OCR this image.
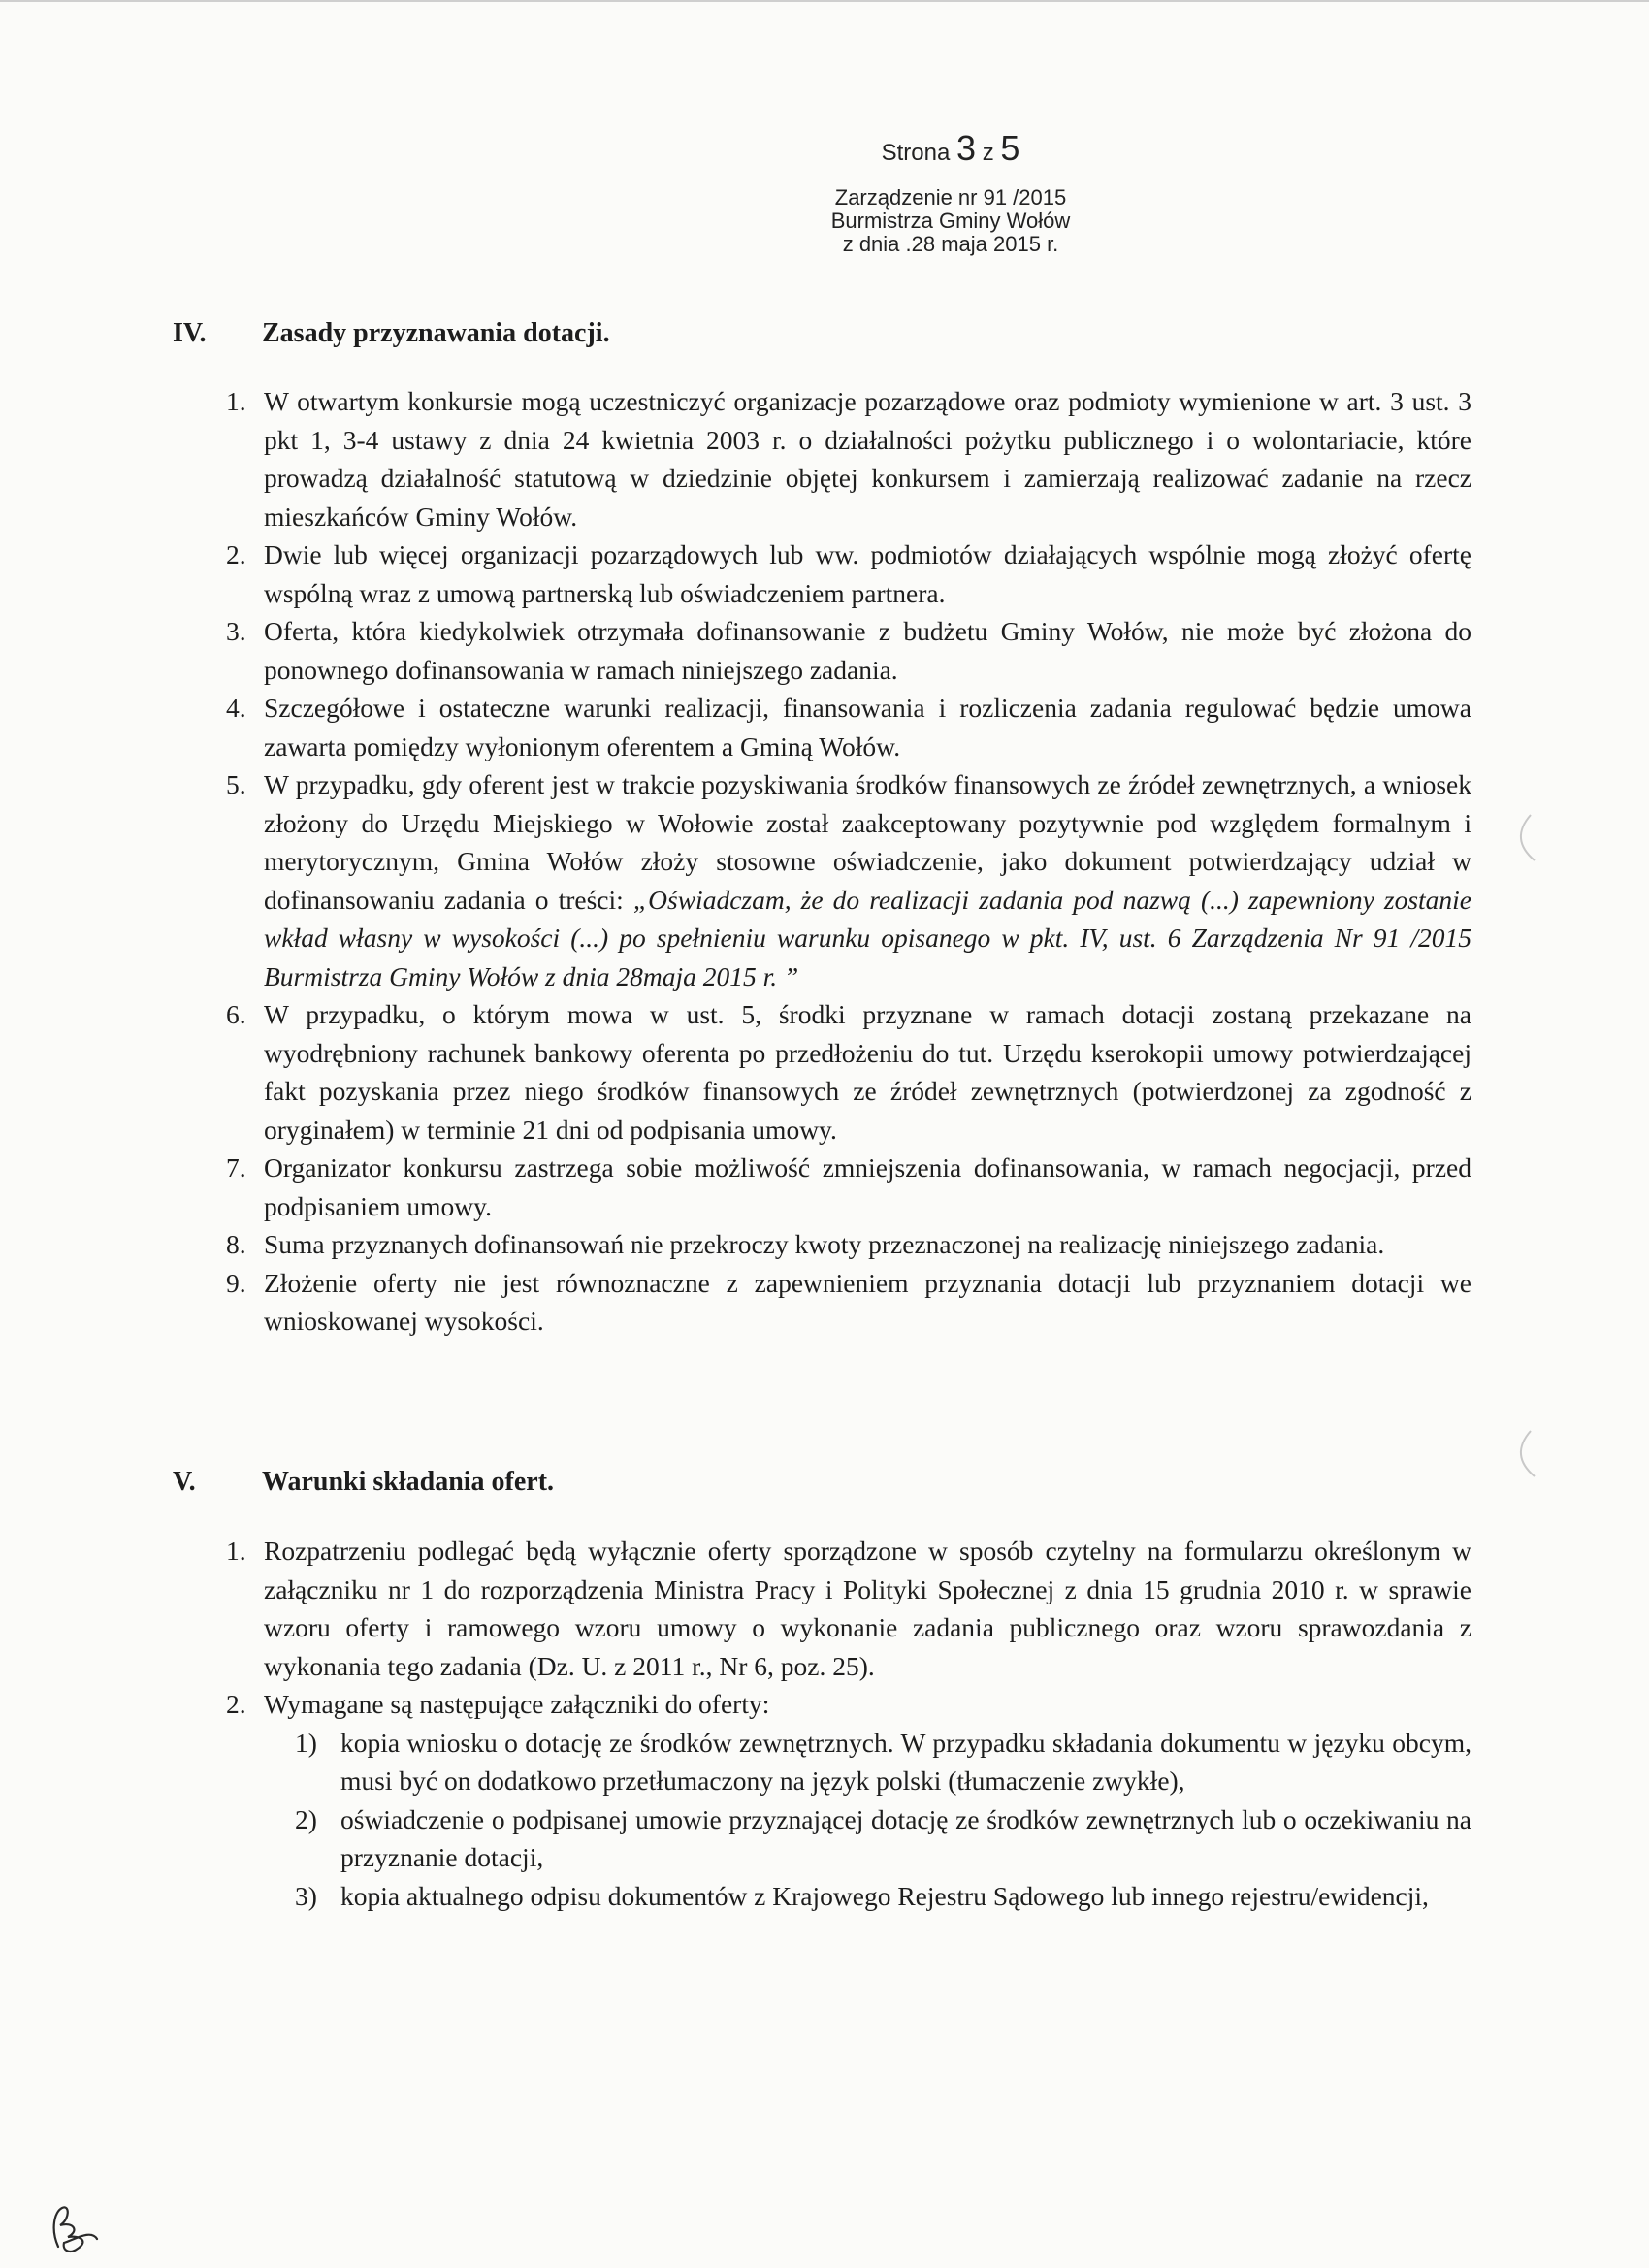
Strona 3 z 5
Zarządzenie nr 91 /2015
Burmistrza Gminy Wołów
z dnia .28 maja 2015 r.
IV. Zasady przyznawania dotacji.

1. W otwartym konkursie mogą uczestniczyć organizacje pozarządowe oraz podmioty wymienione w art. 3 ust. 3 pkt 1, 3-4 ustawy z dnia 24 kwietnia 2003 r. o działalności pożytku publicznego i o wolontariacie, które prowadzą działalność statutową w dziedzinie objętej konkursem i zamierzają realizować zadanie na rzecz mieszkańców Gminy Wołów.

2. Dwie lub więcej organizacji pozarządowych lub ww. podmiotów działających wspólnie mogą złożyć ofertę wspólną wraz z umową partnerską lub oświadczeniem partnera.

3. Oferta, która kiedykolwiek otrzymała dofinansowanie z budżetu Gminy Wołów, nie może być złożona do ponownego dofinansowania w ramach niniejszego zadania.

4. Szczegółowe i ostateczne warunki realizacji, finansowania i rozliczenia zadania regulować będzie umowa zawarta pomiędzy wyłonionym oferentem a Gminą Wołów.

5. W przypadku, gdy oferent jest w trakcie pozyskiwania środków finansowych ze źródeł zewnętrznych, a wniosek złożony do Urzędu Miejskiego w Wołowie został zaakceptowany pozytywnie pod względem formalnym i merytorycznym, Gmina Wołów złoży stosowne oświadczenie, jako dokument potwierdzający udział w dofinansowaniu zadania o treści: „Oświadczam, że do realizacji zadania pod nazwą (...) zapewniony zostanie wkład własny w wysokości (...) po spełnieniu warunku opisanego w pkt. IV, ust. 6 Zarządzenia Nr 91 /2015 Burmistrza Gminy Wołów z dnia 28maja 2015 r. ”

6. W przypadku, o którym mowa w ust. 5, środki przyznane w ramach dotacji zostaną przekazane na wyodrębniony rachunek bankowy oferenta po przedłożeniu do tut. Urzędu kserokopii umowy potwierdzającej fakt pozyskania przez niego środków finansowych ze źródeł zewnętrznych (potwierdzonej za zgodność z oryginałem) w terminie 21 dni od podpisania umowy.

7. Organizator konkursu zastrzega sobie możliwość zmniejszenia dofinansowania, w ramach negocjacji, przed podpisaniem umowy.

8. Suma przyznanych dofinansowań nie przekroczy kwoty przeznaczonej na realizację niniejszego zadania.

9. Złożenie oferty nie jest równoznaczne z zapewnieniem przyznania dotacji lub przyznaniem dotacji we wnioskowanej wysokości.

V. Warunki składania ofert.

1. Rozpatrzeniu podlegać będą wyłącznie oferty sporządzone w sposób czytelny na formularzu określonym w załączniku nr 1 do rozporządzenia Ministra Pracy i Polityki Społecznej z dnia 15 grudnia 2010 r. w sprawie wzoru oferty i ramowego wzoru umowy o wykonanie zadania publicznego oraz wzoru sprawozdania z wykonania tego zadania (Dz. U. z 2011 r., Nr 6, poz. 25).

2. Wymagane są następujące załączniki do oferty:

1) kopia wniosku o dotację ze środków zewnętrznych. W przypadku składania dokumentu w języku obcym, musi być on dodatkowo przetłumaczony na język polski (tłumaczenie zwykłe),

2) oświadczenie o podpisanej umowie przyznającej dotację ze środków zewnętrznych lub o oczekiwaniu na przyznanie dotacji,

3) kopia aktualnego odpisu dokumentów z Krajowego Rejestru Sądowego lub innego rejestru/ewidencji,
